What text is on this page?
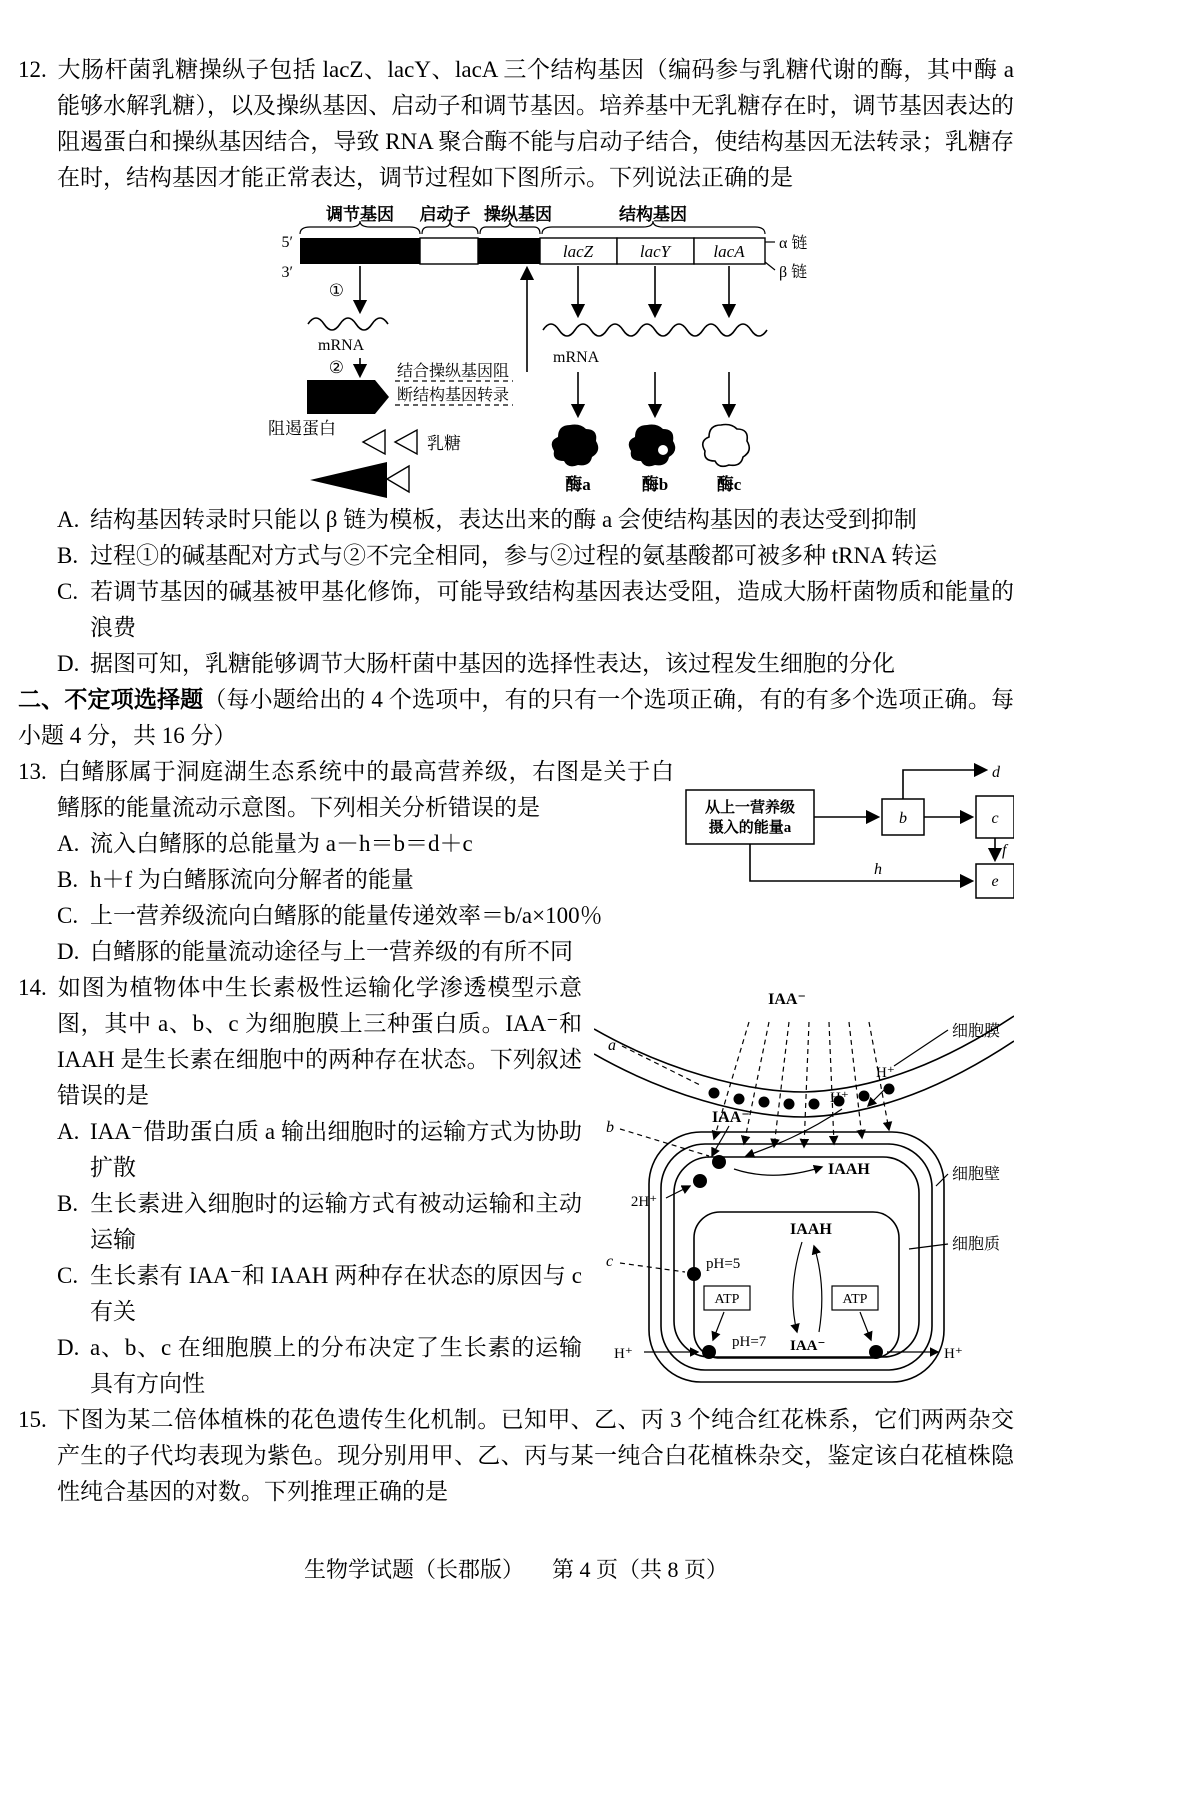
12. 大肠杆菌乳糖操纵子包括 lacZ、lacY、lacA 三个结构基因（编码参与乳糖代谢的酶，其中酶 a 能够水解乳糖），以及操纵基因、启动子和调节基因。培养基中无乳糖存在时，调节基因表达的阻遏蛋白和操纵基因结合，导致 RNA 聚合酶不能与启动子结合，使结构基因无法转录；乳糖存在时，结构基因才能正常表达，调节过程如下图所示。下列说法正确的是

调节基因 启动子 操纵基因	结构基因
lacZ	lacY	lacA
5′
3′
α 链
β 链
①
mRNA
②
阻遏蛋白
结合操纵基因阻
断结构基因转录
乳糖
mRNA
酶a	酶b	酶c

A. 结构基因转录时只能以 β 链为模板，表达出来的酶 a 会使结构基因的表达受到抑制

B. 过程①的碱基配对方式与②不完全相同，参与②过程的氨基酸都可被多种 tRNA 转运

C. 若调节基因的碱基被甲基化修饰，可能导致结构基因表达受阻，造成大肠杆菌物质和能量的浪费

D. 据图可知，乳糖能够调节大肠杆菌中基因的选择性表达，该过程发生细胞的分化

二、不定项选择题（每小题给出的 4 个选项中，有的只有一个选项正确，有的有多个选项正确。每小题 4 分，共 16 分）

从上一营养级
摄入的能量a
b	c
e
d
f
h

13. 白鳍豚属于洞庭湖生态系统中的最高营养级，右图是关于白鳍豚的能量流动示意图。下列相关分析错误的是

A. 流入白鳍豚的总能量为 a－h＝b＝d＋c

B. h＋f 为白鳍豚流向分解者的能量

C. 上一营养级流向白鳍豚的能量传递效率＝b/a×100％

D. 白鳍豚的能量流动途径与上一营养级的有所不同

IAA⁻
a
细胞膜
H⁺
H⁺
IAA⁻
b
2H⁺
IAAH	细胞壁
细胞质
c	pH=5
IAAH
ATP	ATP
H⁺
pH=7 IAA⁻	H⁺

14. 如图为植物体中生长素极性运输化学渗透模型示意图，其中 a、b、c 为细胞膜上三种蛋白质。IAA⁻和 IAAH 是生长素在细胞中的两种存在状态。下列叙述错误的是

A. IAA⁻借助蛋白质 a 输出细胞时的运输方式为协助扩散

B. 生长素进入细胞时的运输方式有被动运输和主动运输

C. 生长素有 IAA⁻和 IAAH 两种存在状态的原因与 c 有关

D. a、b、c 在细胞膜上的分布决定了生长素的运输具有方向性

15. 下图为某二倍体植株的花色遗传生化机制。已知甲、乙、丙 3 个纯合红花株系，它们两两杂交产生的子代均表现为紫色。现分别用甲、乙、丙与某一纯合白花植株杂交，鉴定该白花植株隐性纯合基因的对数。下列推理正确的是

生物学试题（长郡版） 第 4 页（共 8 页）
